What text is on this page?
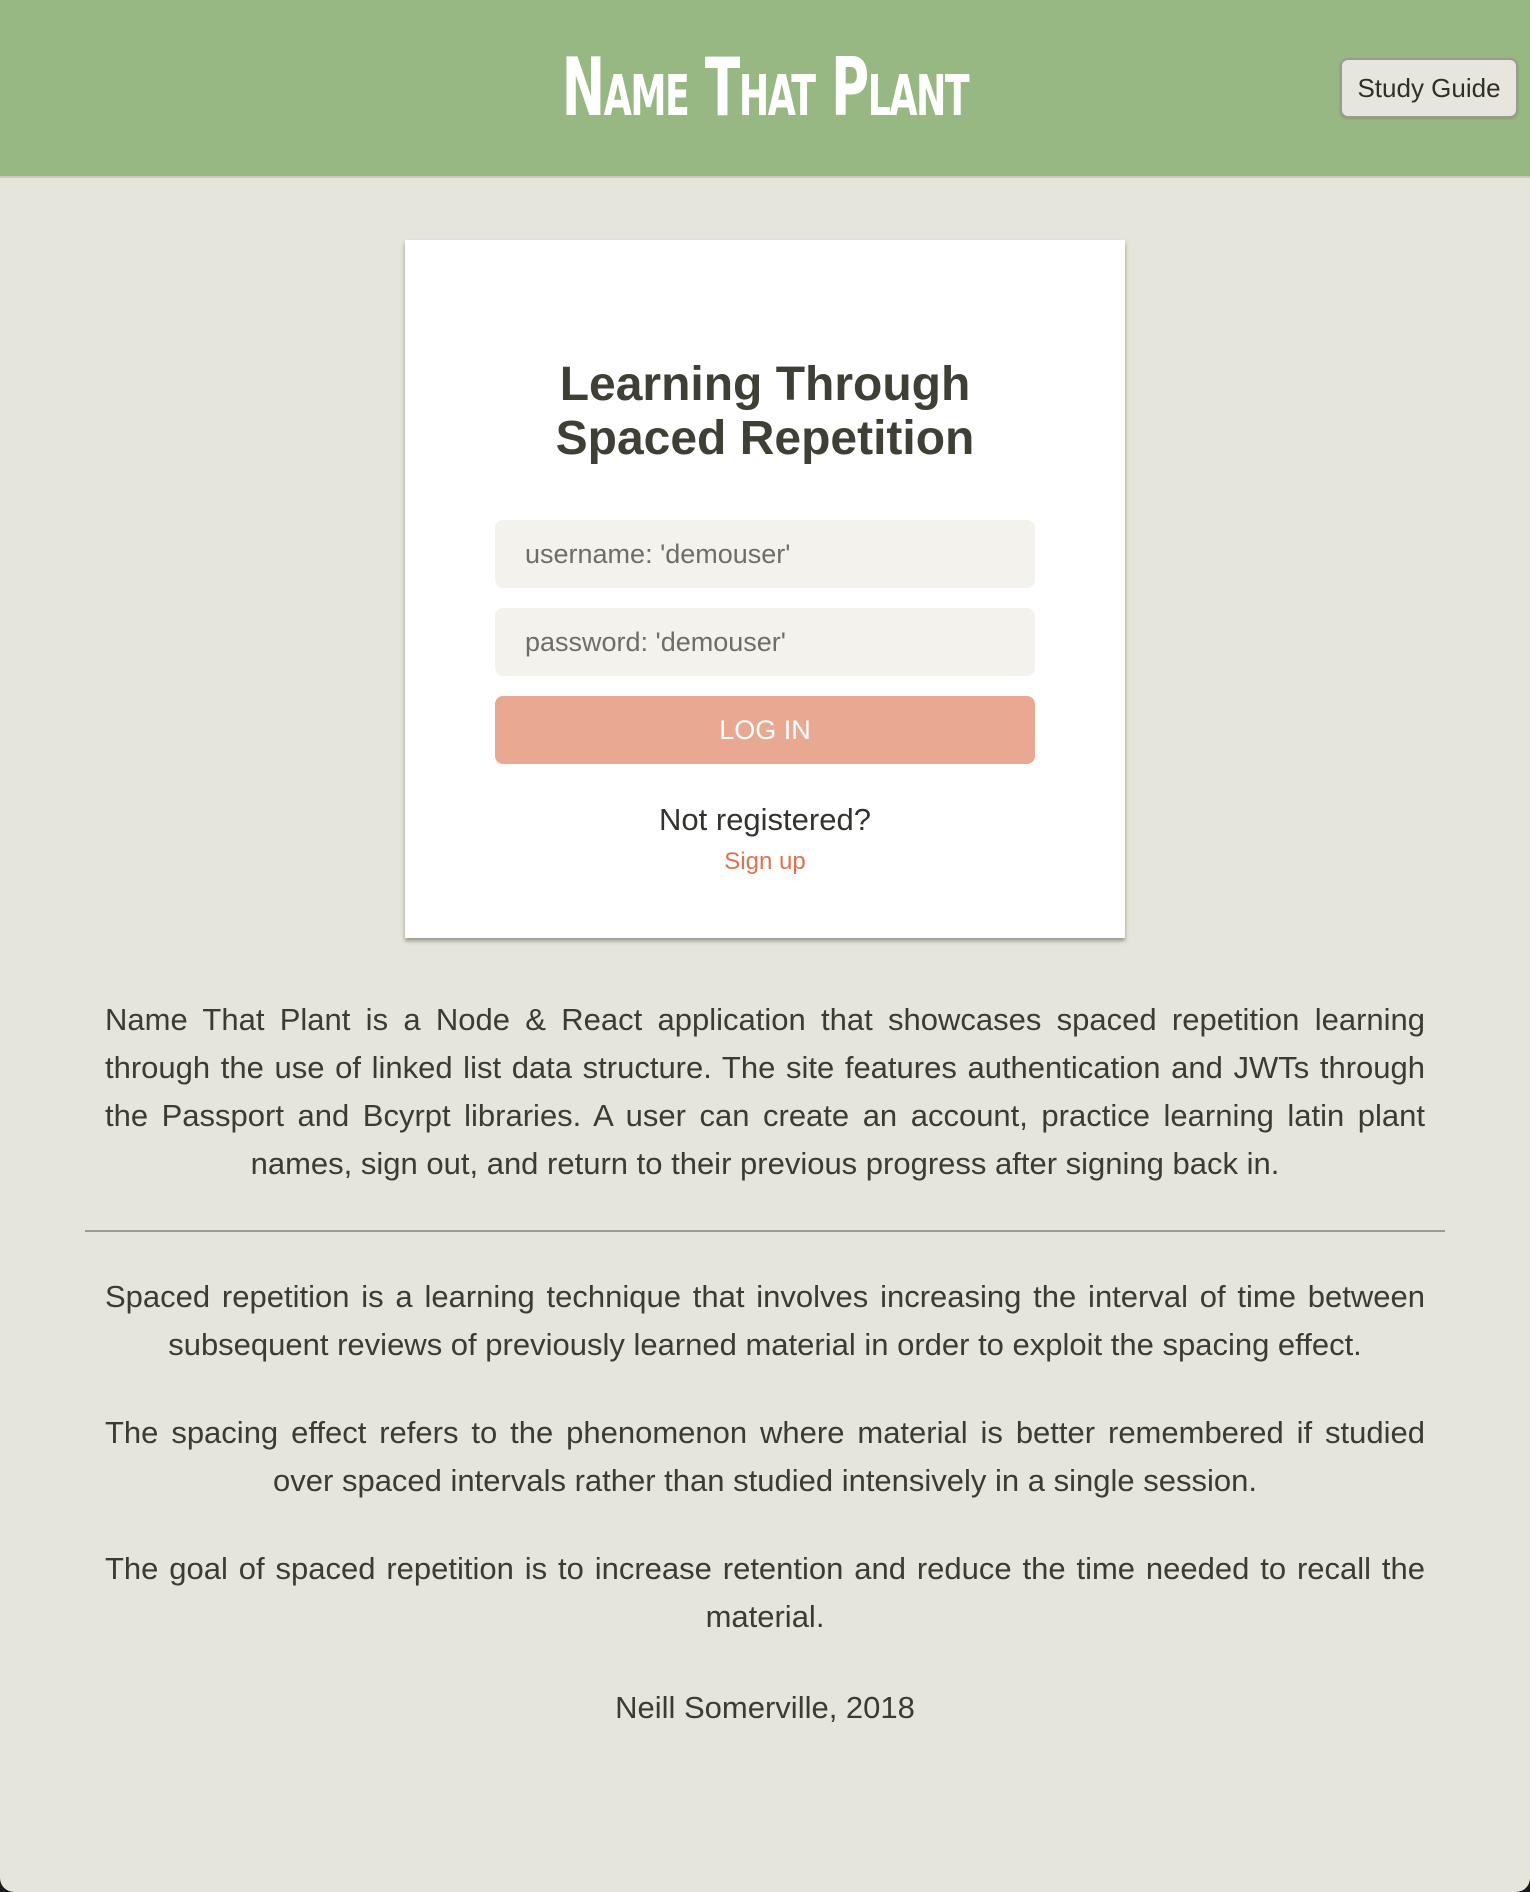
Name That Plant	Study Guide
Learning Through
Spaced Repetition
username: 'demouser'
LOG IN
Not registered?
Sign up

Name That Plant is a Node & React application that showcases spaced repetition learning through the use of linked list data structure. The site features authentication and JWTs through the Passport and Bcyrpt libraries. A user can create an account, practice learning latin plant names, sign out, and return to their previous progress after signing back in.

Spaced repetition is a learning technique that involves increasing the interval of time between subsequent reviews of previously learned material in order to exploit the spacing effect.

The spacing effect refers to the phenomenon where material is better remembered if studied over spaced intervals rather than studied intensively in a single session.

The goal of spaced repetition is to increase retention and reduce the time needed to recall the material.

Neill Somerville, 2018
